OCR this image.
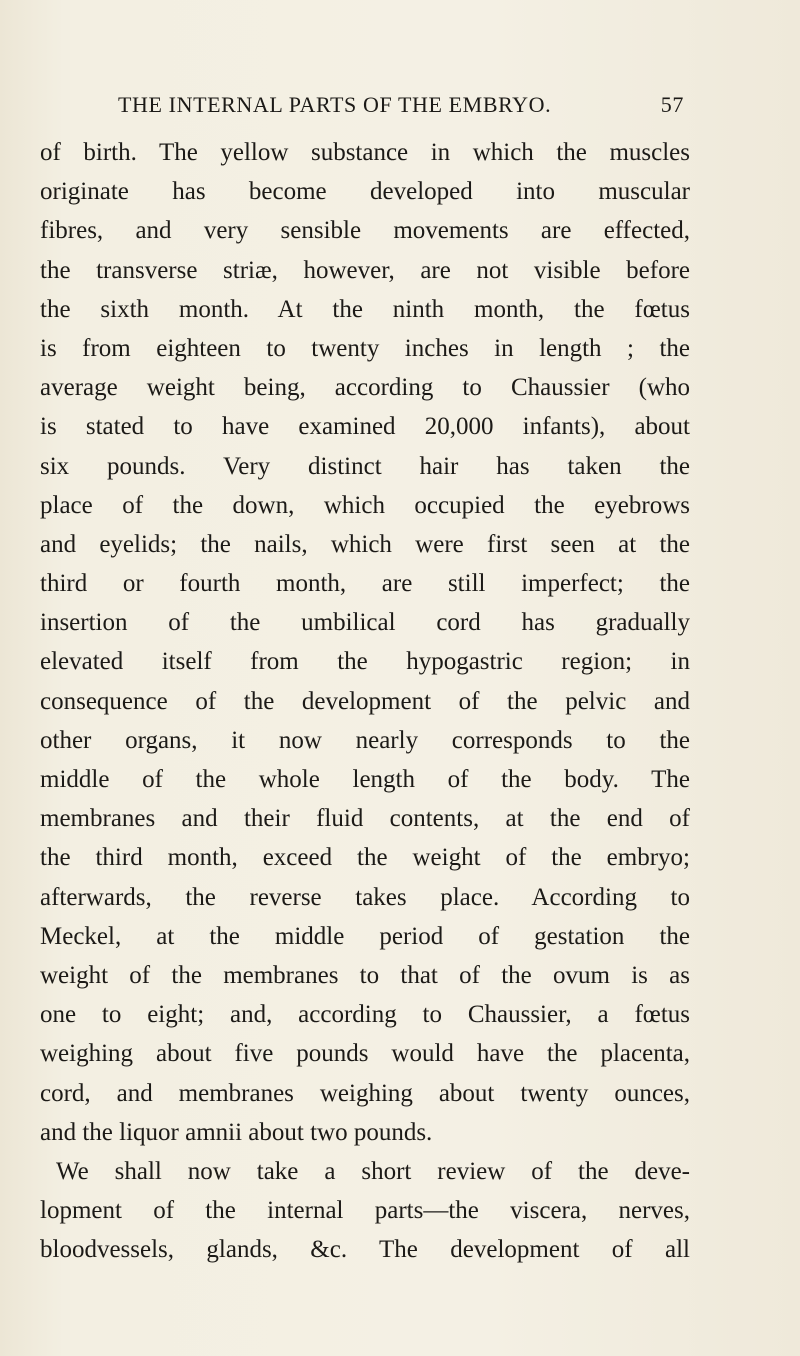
THE INTERNAL PARTS OF THE EMBRYO.	57
of birth. The yellow substance in which the muscles
originate has become developed into muscular
fibres, and very sensible movements are effected,
the transverse striæ, however, are not visible before
the sixth month. At the ninth month, the fœtus
is from eighteen to twenty inches in length ; the
average weight being, according to Chaussier (who
is stated to have examined 20,000 infants), about
six pounds. Very distinct hair has taken the
place of the down, which occupied the eyebrows
and eyelids; the nails, which were first seen at the
third or fourth month, are still imperfect; the
insertion of the umbilical cord has gradually
elevated itself from the hypogastric region; in
consequence of the development of the pelvic and
other organs, it now nearly corresponds to the
middle of the whole length of the body. The
membranes and their fluid contents, at the end of
the third month, exceed the weight of the embryo;
afterwards, the reverse takes place. According to
Meckel, at the middle period of gestation the
weight of the membranes to that of the ovum is as
one to eight; and, according to Chaussier, a fœtus
weighing about five pounds would have the placenta,
cord, and membranes weighing about twenty ounces,
and the liquor amnii about two pounds.
We shall now take a short review of the deve-
lopment of the internal parts—the viscera, nerves,
bloodvessels, glands, &c. The development of all
